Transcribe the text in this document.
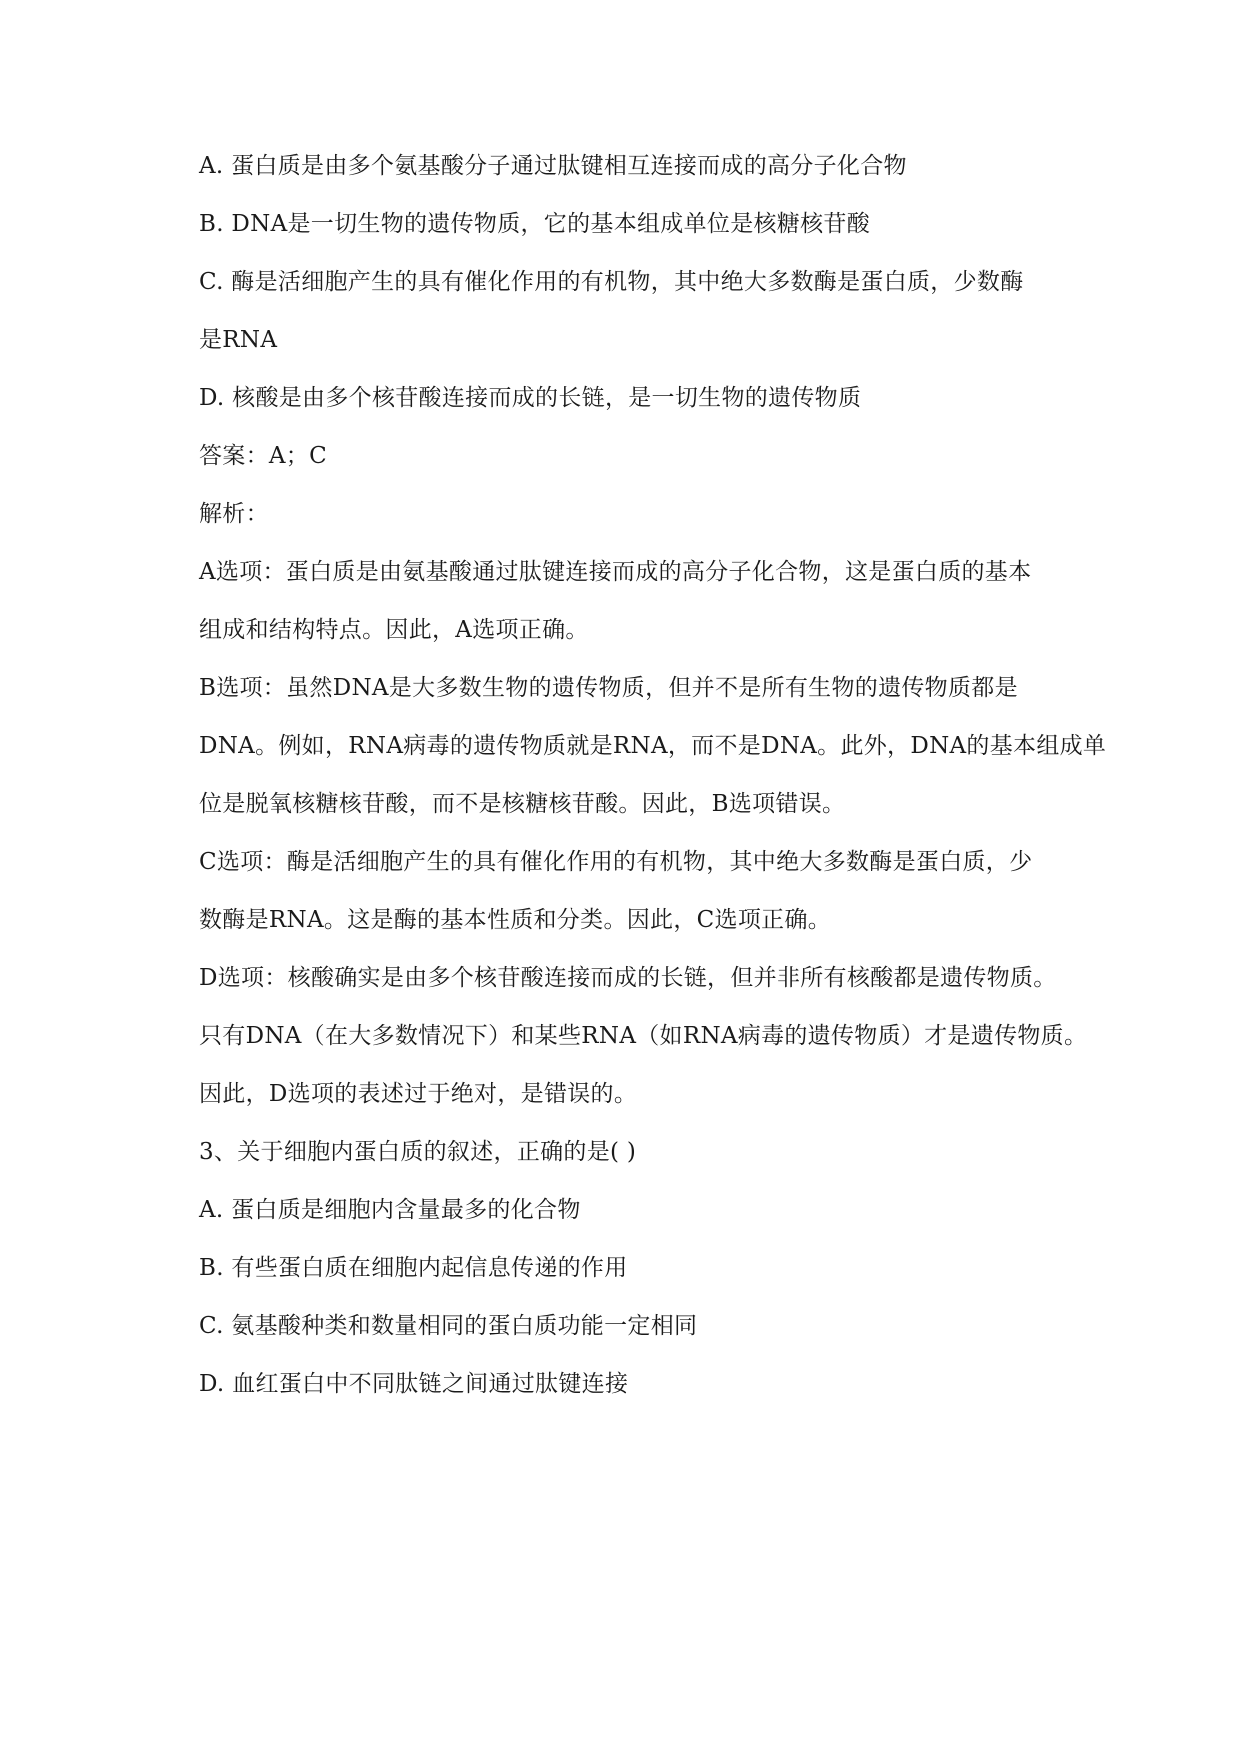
A. 蛋白质是由多个氨基酸分子通过肽键相互连接而成的高分子化合物
B. DNA是一切生物的遗传物质，它的基本组成单位是核糖核苷酸
C. 酶是活细胞产生的具有催化作用的有机物，其中绝大多数酶是蛋白质，少数酶
是RNA
D. 核酸是由多个核苷酸连接而成的长链，是一切生物的遗传物质
答案：A；C
解析：
A选项：蛋白质是由氨基酸通过肽键连接而成的高分子化合物，这是蛋白质的基本
组成和结构特点。因此，A选项正确。
B选项：虽然DNA是大多数生物的遗传物质，但并不是所有生物的遗传物质都是
DNA。例如，RNA病毒的遗传物质就是RNA，而不是DNA。此外，DNA的基本组成单
位是脱氧核糖核苷酸，而不是核糖核苷酸。因此，B选项错误。
C选项：酶是活细胞产生的具有催化作用的有机物，其中绝大多数酶是蛋白质，少
数酶是RNA。这是酶的基本性质和分类。因此，C选项正确。
D选项：核酸确实是由多个核苷酸连接而成的长链，但并非所有核酸都是遗传物质。
只有DNA（在大多数情况下）和某些RNA（如RNA病毒的遗传物质）才是遗传物质。
因此，D选项的表述过于绝对，是错误的。
3、关于细胞内蛋白质的叙述，正确的是( )
A. 蛋白质是细胞内含量最多的化合物
B. 有些蛋白质在细胞内起信息传递的作用
C. 氨基酸种类和数量相同的蛋白质功能一定相同
D. 血红蛋白中不同肽链之间通过肽键连接
